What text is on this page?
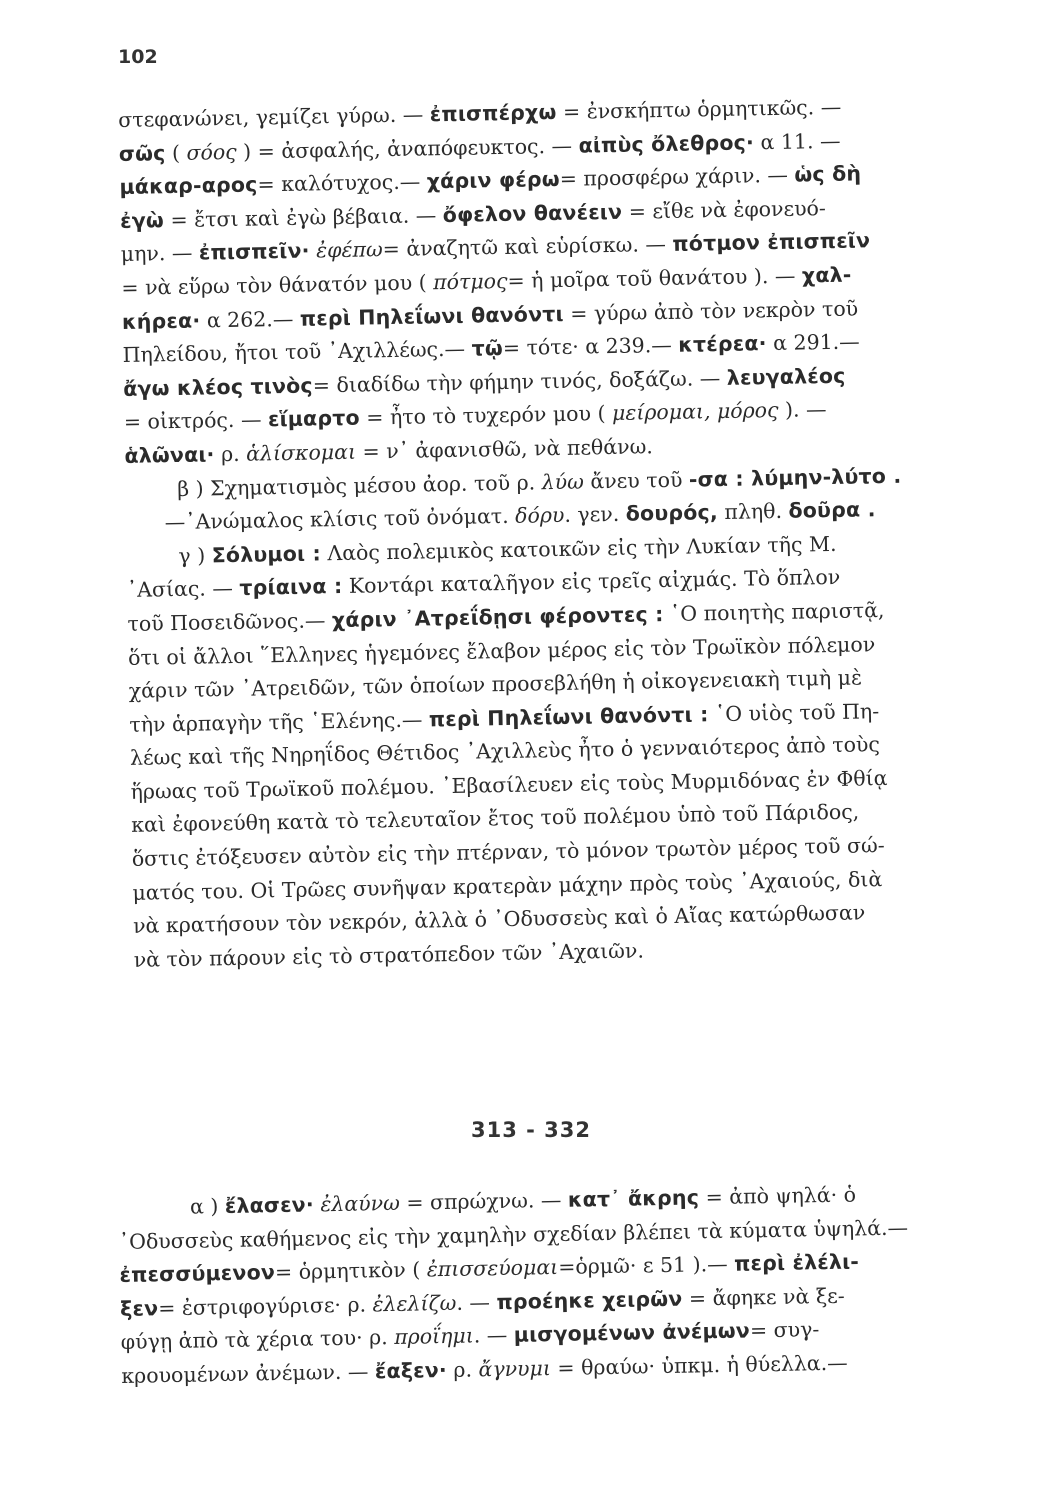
102
στεφανώνει, γεμίζει γύρω. — ἐπισπέρχω = ἐνσκήπτω ὁρμητικῶς. —
σῶς ( σόος ) = ἀσφαλής, ἀναπόφευκτος. — αἰπὺς ὄλεθρος· α 11. —
μάκαρ-αρος= καλότυχος.— χάριν φέρω= προσφέρω χάριν. — ὡς δὴ
ἐγὼ = ἔτσι καὶ ἐγὼ βέβαια. — ὄφελον θανέειν = εἴθε νὰ ἐφονευό-
μην. — ἐπισπεῖν· ἐφέπω= ἀναζητῶ καὶ εὑρίσκω. — πότμον ἐπισπεῖν
= νὰ εὕρω τὸν θάνατόν μου ( πότμος= ἡ μοῖρα τοῦ θανάτου ). — χαλ-
κήρεα· α 262.— περὶ Πηλεΐωνι θανόντι = γύρω ἀπὸ τὸν νεκρὸν τοῦ
Πηλείδου, ἤτοι τοῦ ᾿Αχιλλέως.— τῷ= τότε· α 239.— κτέρεα· α 291.—
ἄγω κλέος τινὸς= διαδίδω τὴν φήμην τινός, δοξάζω. — λευγαλέος
= οἰκτρός. — εἵμαρτο = ἦτο τὸ τυχερόν μου ( μείρομαι, μόρος ). —
ἁλῶναι· ρ. ἁλίσκομαι = ν᾿ ἀφανισθῶ, νὰ πεθάνω.
β ) Σχηματισμὸς μέσου ἀορ. τοῦ ρ. λύω ἄνευ τοῦ -σα : λύμην-λύτο .
—᾿Ανώμαλος κλίσις τοῦ ὀνόματ. δόρυ. γεν. δουρός, πληθ. δοῦρα .
γ ) Σόλυμοι : Λαὸς πολεμικὸς κατοικῶν εἰς τὴν Λυκίαν τῆς Μ.
᾿Ασίας. — τρίαινα : Κοντάρι καταλῆγον εἰς τρεῖς αἰχμάς. Τὸ ὅπλον
τοῦ Ποσειδῶνος.— χάριν ᾿Ατρεΐδῃσι φέροντες : ῾Ο ποιητὴς παριστᾷ,
ὅτι οἱ ἄλλοι ῞Ελληνες ἡγεμόνες ἔλαβον μέρος εἰς τὸν Τρωϊκὸν πόλεμον
χάριν τῶν ᾿Ατρειδῶν, τῶν ὁποίων προσεβλήθη ἡ οἰκογενειακὴ τιμὴ μὲ
τὴν ἁρπαγὴν τῆς ῾Ελένης.— περὶ Πηλεΐωνι θανόντι : ῾Ο υἱὸς τοῦ Πη-
λέως καὶ τῆς Νηρηΐδος Θέτιδος ᾿Αχιλλεὺς ἦτο ὁ γενναιότερος ἀπὸ τοὺς
ἥρωας τοῦ Τρωϊκοῦ πολέμου. ᾿Εβασίλευεν εἰς τοὺς Μυρμιδόνας ἐν Φθίᾳ
καὶ ἐφονεύθη κατὰ τὸ τελευταῖον ἔτος τοῦ πολέμου ὑπὸ τοῦ Πάριδος,
ὅστις ἐτόξευσεν αὐτὸν εἰς τὴν πτέρναν, τὸ μόνον τρωτὸν μέρος τοῦ σώ-
ματός του. Οἱ Τρῶες συνῆψαν κρατερὰν μάχην πρὸς τοὺς ᾿Αχαιούς, διὰ
νὰ κρατήσουν τὸν νεκρόν, ἀλλὰ ὁ ᾿Οδυσσεὺς καὶ ὁ Αἴας κατώρθωσαν
νὰ τὸν πάρουν εἰς τὸ στρατόπεδον τῶν ᾿Αχαιῶν.
313 - 332
α ) ἔλασεν· ἐλαύνω = σπρώχνω. — κατ᾿ ἄκρης = ἀπὸ ψηλά· ὁ
᾿Οδυσσεὺς καθήμενος εἰς τὴν χαμηλὴν σχεδίαν βλέπει τὰ κύματα ὑψηλά.—
ἐπεσσύμενον= ὁρμητικὸν ( ἐπισσεύομαι=ὁρμῶ· ε 51 ).— περὶ ἐλέλι-
ξεν= ἐστριφογύρισε· ρ. ἐλελίζω. — προέηκε χειρῶν = ἄφηκε νὰ ξε-
φύγῃ ἀπὸ τὰ χέρια του· ρ. προΐημι. — μισγομένων ἀνέμων= συγ-
κρουομένων ἀνέμων. — ἔαξεν· ρ. ἄγνυμι = θραύω· ὑπκμ. ἡ θύελλα.—
